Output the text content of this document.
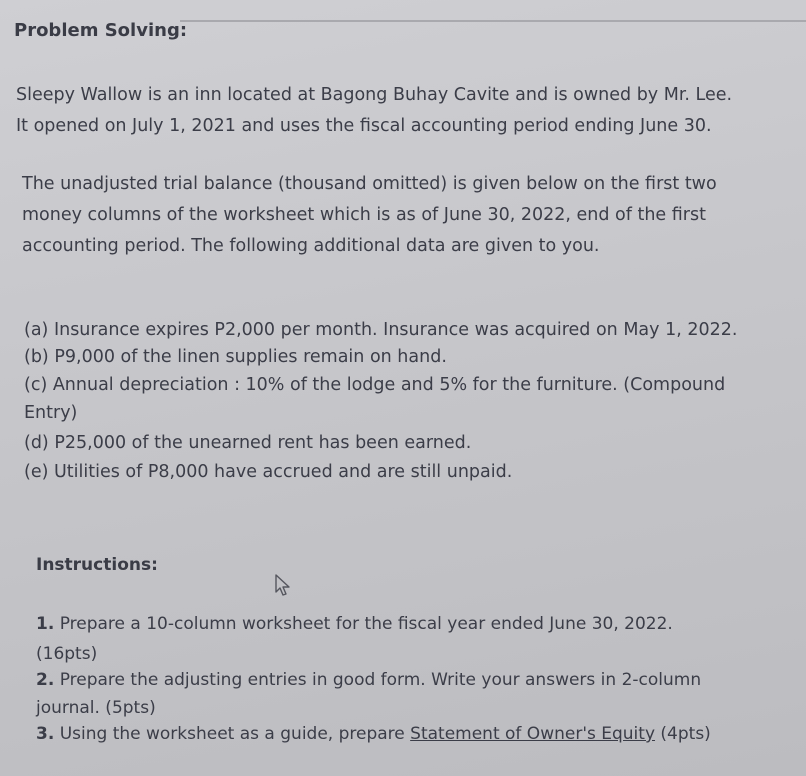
Problem Solving:
Sleepy Wallow is an inn located at Bagong Buhay Cavite and is owned by Mr. Lee.
It opened on July 1, 2021 and uses the fiscal accounting period ending June 30.
The unadjusted trial balance (thousand omitted) is given below on the first two
money columns of the worksheet which is as of June 30, 2022, end of the first
accounting period. The following additional data are given to you.

(a) Insurance expires P2,000 per month. Insurance was acquired on May 1, 2022.

(b) P9,000 of the linen supplies remain on hand.

(c) Annual depreciation : 10% of the lodge and 5% for the furniture. (Compound

Entry)

(d) P25,000 of the unearned rent has been earned.

(e) Utilities of P8,000 have accrued and are still unpaid.

Instructions:

1. Prepare a 10-column worksheet for the fiscal year ended June 30, 2022.

(16pts)

2. Prepare the adjusting entries in good form. Write your answers in 2-column

journal. (5pts)

3. Using the worksheet as a guide, prepare Statement of Owner's Equity (4pts)
